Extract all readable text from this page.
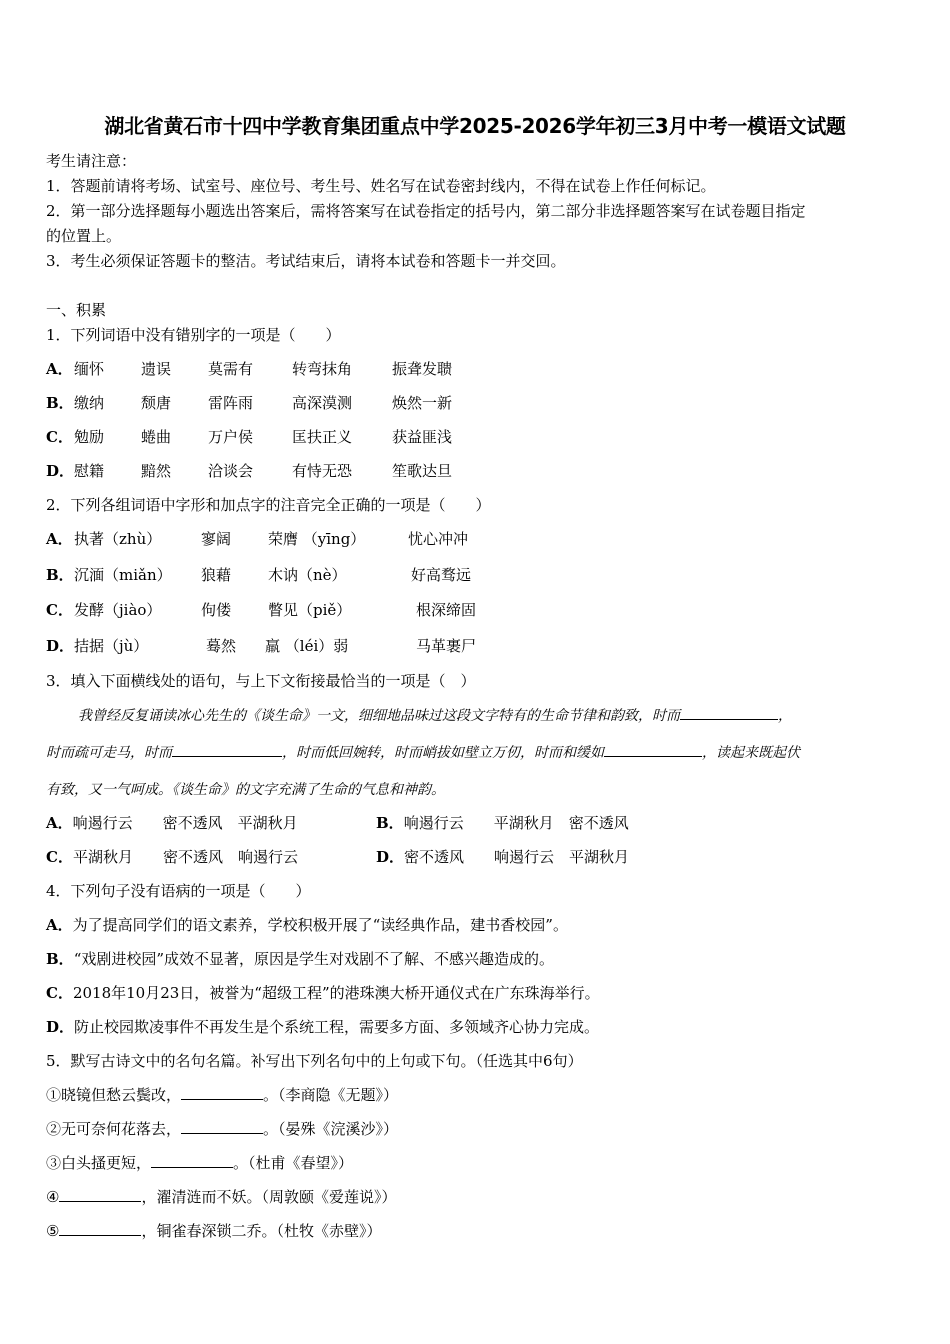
湖北省黄石市十四中学教育集团重点中学2025-2026学年初三3月中考一模语文试题
考生请注意：
1．答题前请将考场、试室号、座位号、考生号、姓名写在试卷密封线内，不得在试卷上作任何标记。
2．第一部分选择题每小题选出答案后，需将答案写在试卷指定的括号内，第二部分非选择题答案写在试卷题目指定
的位置上。
3．考生必须保证答题卡的整洁。考试结束后，请将本试卷和答题卡一并交回。
一、积累
1．下列词语中没有错别字的一项是（　　）
A． 缅怀 遗误 莫需有	转弯抹角	振聋发聩
B． 缴纳 颓唐 雷阵雨	高深漠测	焕然一新
C． 勉励 蜷曲 万户侯	匡扶正义	获益匪浅
D． 慰籍 黯然 洽谈会	有恃无恐	笙歌达旦
2．下列各组词语中字形和加点字的注音完全正确的一项是（　　）
A． 执著（zhù）	寥阔 荣膺 （yīng）	忧心冲冲
B． 沉湎（miǎn） 狼藉 木讷（nè）	好高骛远
C． 发酵（jiào）	佝偻 瞥见（piě）	根深缔固
D． 拮据（jù）	蓦然 羸 （léi）弱	马革裹尸
3．填入下面横线处的语句，与上下文衔接最恰当的一项是（　）
我曾经反复诵读冰心先生的《谈生命》一文，细细地品味过这段文字特有的生命节律和韵致，时而	，
时而疏可走马，时而	，时而低回婉转，时而峭拔如壁立万仞，时而和缓如	，读起来既起伏
有致，又一气呵成。《谈生命》的文字充满了生命的气息和神韵。
A．响遏行云　　密不透风　平湖秋月	B．响遏行云　　平湖秋月　密不透风
C．平湖秋月　　密不透风　响遏行云	D．密不透风　　响遏行云　平湖秋月
4．下列句子没有语病的一项是（　　）
A．为了提高同学们的语文素养，学校积极开展了“读经典作品，建书香校园”。
B．“戏剧进校园”成效不显著，原因是学生对戏剧不了解、不感兴趣造成的。
C．2018年10月23日，被誉为“超级工程”的港珠澳大桥开通仪式在广东珠海举行。
D．防止校园欺凌事件不再发生是个系统工程，需要多方面、多领域齐心协力完成。
5．默写古诗文中的名句名篇。补写出下列名句中的上句或下句。（任选其中6句）
①晓镜但愁云鬓改，	。（李商隐《无题》）
②无可奈何花落去，	。（晏殊《浣溪沙》）
③白头搔更短，	。（杜甫《春望》）
④	，濯清涟而不妖。（周敦颐《爱莲说》）
⑤	，铜雀春深锁二乔。（杜牧《赤壁》）
